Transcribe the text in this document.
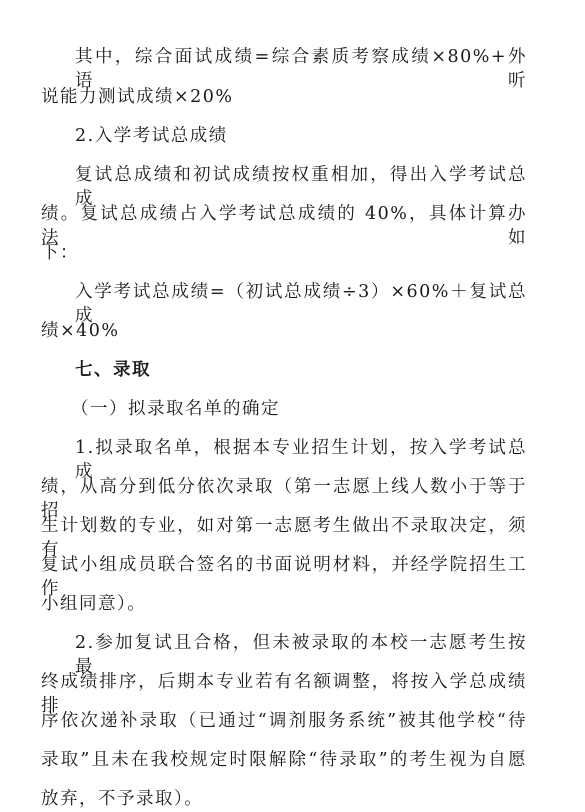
其中，综合面试成绩=综合素质考察成绩×80%+外语听
说能力测试成绩×20%
2.入学考试总成绩
复试总成绩和初试成绩按权重相加，得出入学考试总成
绩。复试总成绩占入学考试总成绩的 40%，具体计算办法如
下：
入学考试总成绩=（初试总成绩÷3）×60%＋复试总成
绩×40%
七、录取
（一）拟录取名单的确定
1.拟录取名单，根据本专业招生计划，按入学考试总成
绩，从高分到低分依次录取（第一志愿上线人数小于等于招
生计划数的专业，如对第一志愿考生做出不录取决定，须有
复试小组成员联合签名的书面说明材料，并经学院招生工作
小组同意）。
2.参加复试且合格，但未被录取的本校一志愿考生按最
终成绩排序，后期本专业若有名额调整，将按入学总成绩排
序依次递补录取（已通过“调剂服务系统”被其他学校“待
录取”且未在我校规定时限解除“待录取”的考生视为自愿
放弃，不予录取）。
